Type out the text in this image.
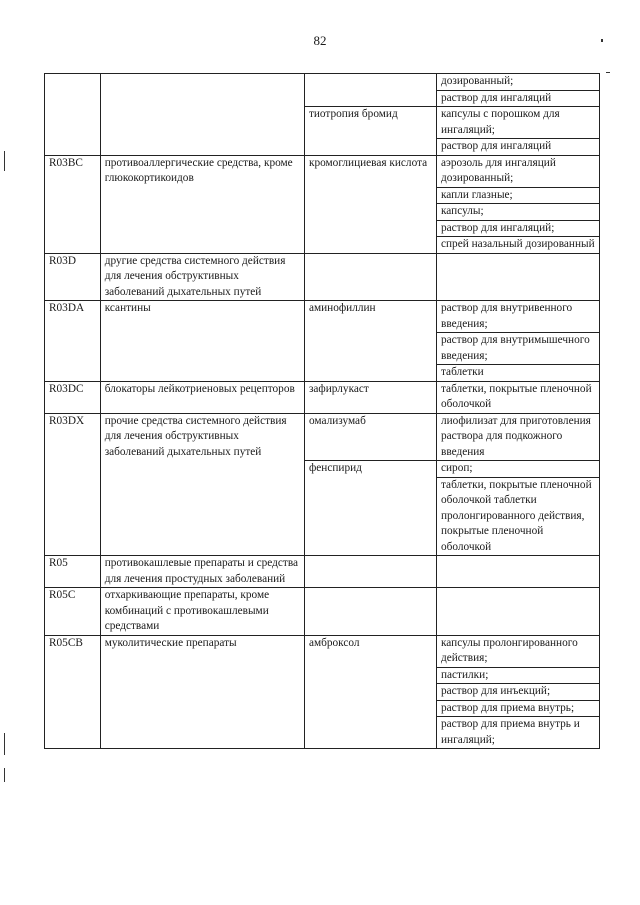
82

			дозированный;
раствор для ингаляций

		тиотропия бромид	капсулы с порошком для ингаляций;
раствор для ингаляций

R03BC	противоаллергические средства, кроме глюкокортикоидов	кромоглициевая кислота	аэрозоль для ингаляций дозированный;
капли глазные;
капсулы;
раствор для ингаляций;
спрей назальный дозированный

R03D	другие средства системного действия для лечения обструктивных заболеваний дыхательных путей		

R03DA	ксантины	аминофиллин	раствор для внутривенного введения;
раствор для внутримышечного введения;
таблетки

R03DC	блокаторы лейкотриеновых рецепторов	зафирлукаст	таблетки, покрытые пленочной оболочкой

R03DX	прочие средства системного действия для лечения обструктивных заболеваний дыхательных путей	омализумаб	лиофилизат для приготовления раствора для подкожного введения

		фенспирид	сироп;
таблетки, покрытые пленочной оболочкой таблетки пролонгированного действия, покрытые пленочной оболочкой

R05	противокашлевые препараты и средства для лечения простудных заболеваний		

R05C	отхаркивающие препараты, кроме комбинаций с противокашлевыми средствами		

R05CB	муколитические препараты	амброксол	капсулы пролонгированного действия;
пастилки;
раствор для инъекций;
раствор для приема внутрь;
раствор для приема внутрь и ингаляций;
